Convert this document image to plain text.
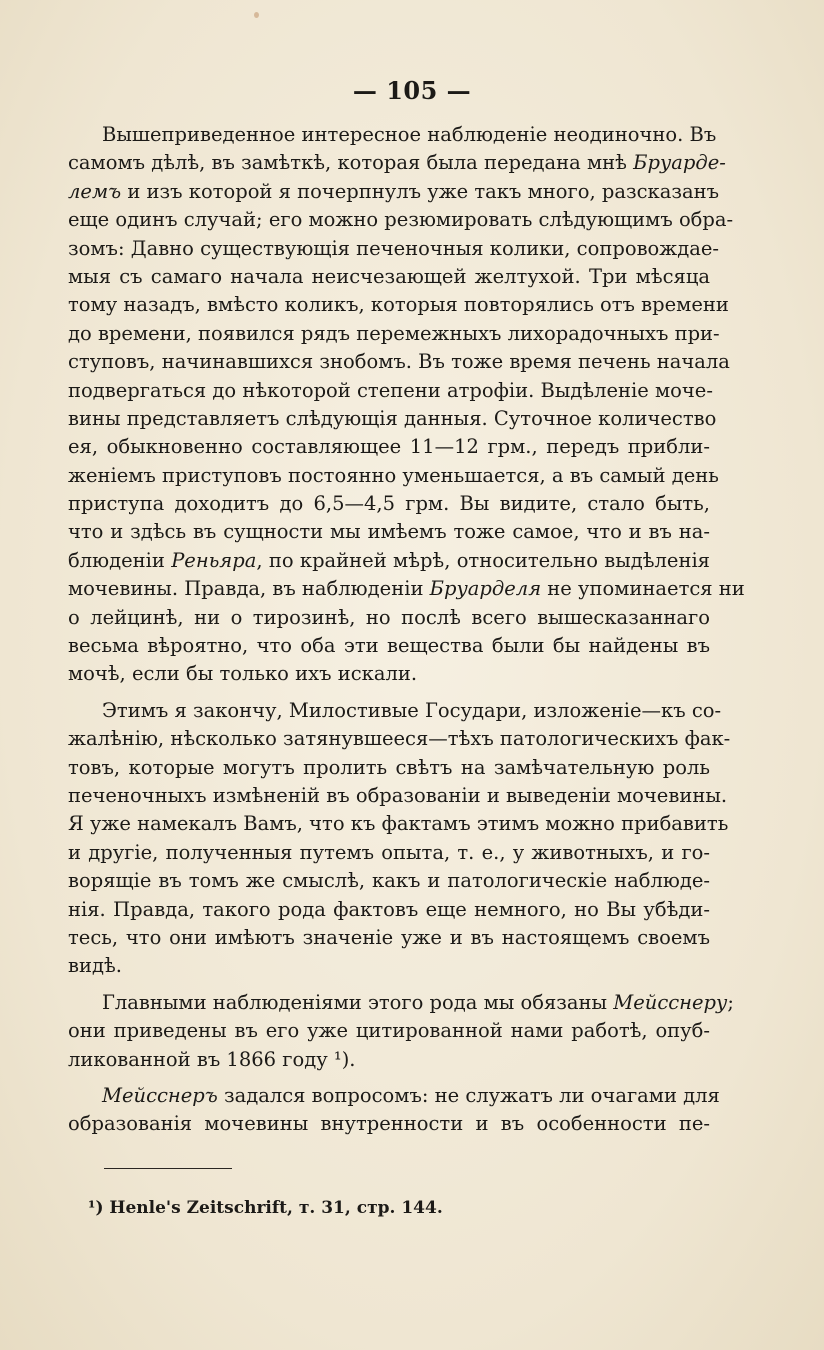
— 105 —
Вышеприведенное интересное наблюденіе неодиночно. Въ
самомъ дѣлѣ, въ замѣткѣ, которая была передана мнѣ Бруарде-
лемъ и изъ которой я почерпнулъ уже такъ много, разсказанъ
еще одинъ случай; его можно резюмировать слѣдующимъ обра-
зомъ: Давно существующія печеночныя колики, сопровождае-
мыя съ самаго начала неисчезающей желтухой. Три мѣсяца
тому назадъ, вмѣсто коликъ, которыя повторялись отъ времени
до времени, появился рядъ перемежныхъ лихорадочныхъ при-
ступовъ, начинавшихся знобомъ. Въ тоже время печень начала
подвергаться до нѣкоторой степени атрофіи. Выдѣленіе моче-
вины представляетъ слѣдующія данныя. Суточное количество
ея, обыкновенно составляющее 11—12 грм., передъ прибли-
женіемъ приступовъ постоянно уменьшается, а въ самый день
приступа доходитъ до 6,5—4,5 грм. Вы видите, стало быть,
что и здѣсь въ сущности мы имѣемъ тоже самое, что и въ на-
блюденіи Реньяра, по крайней мѣрѣ, относительно выдѣленія
мочевины. Правда, въ наблюденіи Бруарделя не упоминается ни
о лейцинѣ, ни о тирозинѣ, но послѣ всего вышесказаннаго
весьма вѣроятно, что оба эти вещества были бы найдены въ
мочѣ, если бы только ихъ искали.
Этимъ я закончу, Милостивые Государи, изложеніе—къ со-
жалѣнію, нѣсколько затянувшееся—тѣхъ патологическихъ фак-
товъ, которые могутъ пролить свѣтъ на замѣчательную роль
печеночныхъ измѣненій въ образованіи и выведеніи мочевины.
Я уже намекалъ Вамъ, что къ фактамъ этимъ можно прибавить
и другіе, полученныя путемъ опыта, т. е., у животныхъ, и го-
ворящіе въ томъ же смыслѣ, какъ и патологическіе наблюде-
нія. Правда, такого рода фактовъ еще немного, но Вы убѣди-
тесь, что они имѣютъ значеніе уже и въ настоящемъ своемъ
видѣ.
Главными наблюденіями этого рода мы обязаны Мейсснеру;
они приведены въ его уже цитированной нами работѣ, опуб-
ликованной въ 1866 году ¹).
Мейсснеръ задался вопросомъ: не служатъ ли очагами для
образованія мочевины внутренности и въ особенности пе-
¹) Henle's Zeitschrift, т. 31, стр. 144.
